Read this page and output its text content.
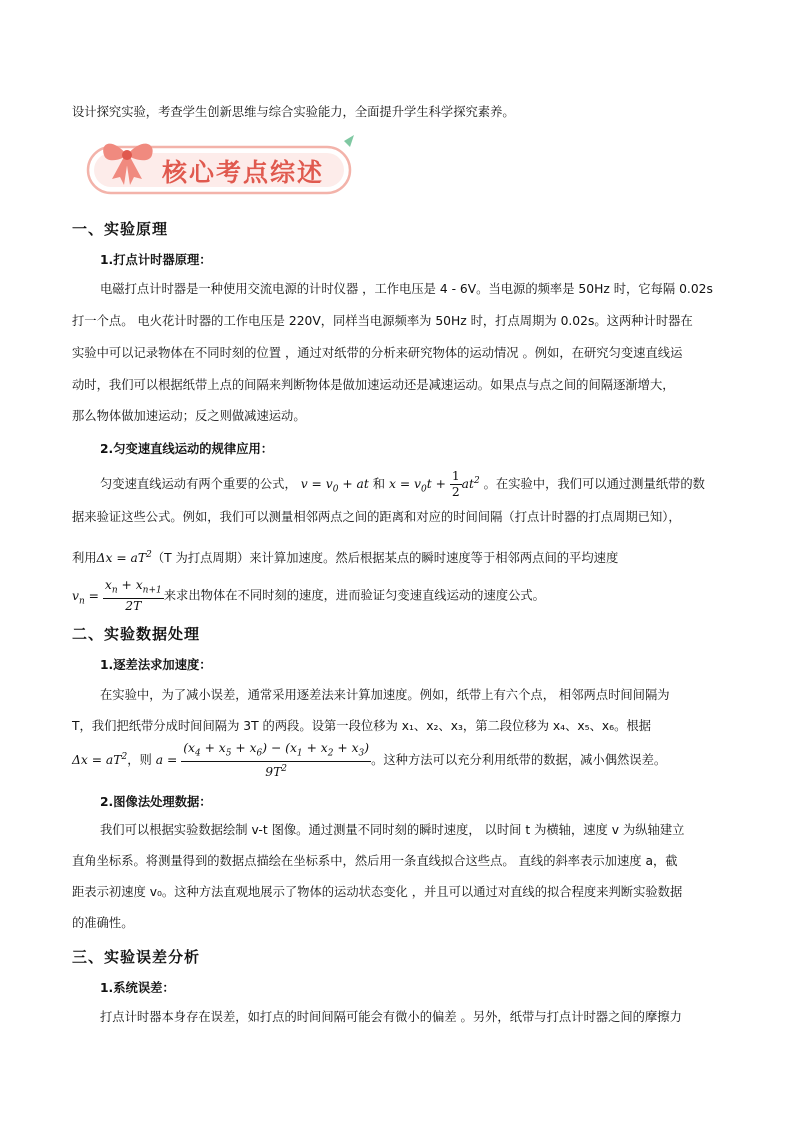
设计探究实验，考查学生创新思维与综合实验能力，全面提升学生科学探究素养。
核心考点综述
一、实验原理
1.打点计时器原理：
电磁打点计时器是一种使用交流电源的计时仪器 ，工作电压是 4 - 6V。当电源的频率是 50Hz 时，它每隔 0.02s
打一个点。 电火花计时器的工作电压是 220V，同样当电源频率为 50Hz 时，打点周期为 0.02s。这两种计时器在
实验中可以记录物体在不同时刻的位置 ，通过对纸带的分析来研究物体的运动情况 。例如，在研究匀变速直线运
动时，我们可以根据纸带上点的间隔来判断物体是做加速运动还是减速运动。如果点与点之间的间隔逐渐增大，
那么物体做加速运动；反之则做减速运动。
2.匀变速直线运动的规律应用：
匀变速直线运动有两个重要的公式， $v = v_0$ + at 和 $x = v_0t + \frac{1}{2} at^2$ 。在实验中，我们可以通过测量纸带的数
据来验证这些公式。例如，我们可以测量相邻两点之间的距离和对应的时间间隔（打点计时器的打点周期已知），
利用$\Delta x = aT^2(T$ 为打点周期）来计算加速度。然后根据某点的瞬时速度等于相邻两点间的平均速度
$v_n = \frac{x_n + x_{n+1}}{2T}$ 来求出物体在不同时刻的速度，进而验证匀变速直线运动的速度公式。
二、实验数据处理
1.逐差法求加速度：
在实验中，为了减小误差，通常采用逐差法来计算加速度。例如，纸带上有六个点， 相邻两点时间间隔为
T，我们把纸带分成时间间隔为 3T 的两段。设第一段位移为 x₁、x₂、x₃，第二段位移为 x₄、x₅、x₆。根据
$\Delta x = aT^2$，则 $a = \frac{(x_4 + x_5 + x_6) - (x_1 + x_2 + x_3)}{9T^2}$ 。这种方法可以充分利用纸带的数据，减小偶然误差。
2.图像法处理数据：
我们可以根据实验数据绘制 v-t 图像。通过测量不同时刻的瞬时速度， 以时间 t 为横轴，速度 v 为纵轴建立
直角坐标系。将测量得到的数据点描绘在坐标系中，然后用一条直线拟合这些点。 直线的斜率表示加速度 a，截
距表示初速度 v₀。这种方法直观地展示了物体的运动状态变化 ，并且可以通过对直线的拟合程度来判断实验数据
的准确性。
三、实验误差分析
1.系统误差：
打点计时器本身存在误差，如打点的时间间隔可能会有微小的偏差 。另外，纸带与打点计时器之间的摩擦力
